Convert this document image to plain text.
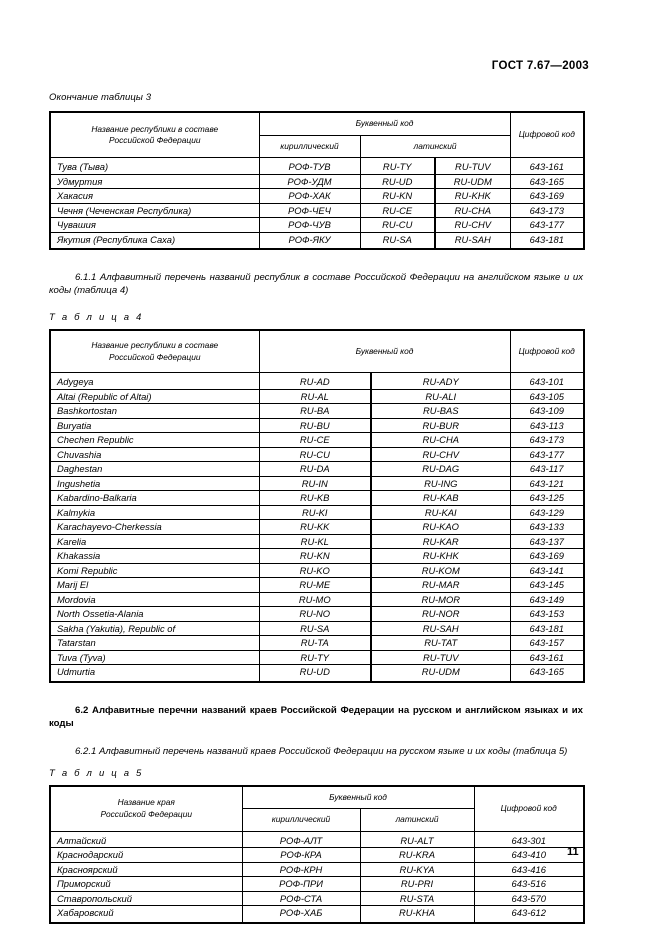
ГОСТ 7.67—2003
Окончание таблицы 3
Название республики в составе
Российской Федерации	Буквенный код			Цифровой код
	кириллический	латинский		
Тува (Тыва)	РОФ-ТУВ	RU-TY	RU-TUV	643-161
Удмуртия	РОФ-УДМ	RU-UD	RU-UDM	643-165
Хакасия	РОФ-ХАК	RU-KN	RU-KHK	643-169
Чечня (Чеченская Республика)	РОФ-ЧЕЧ	RU-CE	RU-CHA	643-173
Чувашия	РОФ-ЧУВ	RU-CU	RU-CHV	643-177
Якутия (Республика Саха)	РОФ-ЯКУ	RU-SA	RU-SAH	643-181

6.1.1 Алфавитный перечень названий республик в составе Российской Федерации на английском языке и их коды (таблица 4)

Т а б л и ц а 4
Название республики в составе
Российской Федерации	Буквенный код		Цифровой код
Adygeya	RU-AD	RU-ADY	643-101
Altai (Republic of Altai)	RU-AL	RU-ALI	643-105
Bashkortostan	RU-BA	RU-BAS	643-109
Buryatia	RU-BU	RU-BUR	643-113
Chechen Republic	RU-CE	RU-CHA	643-173
Chuvashia	RU-CU	RU-CHV	643-177
Daghestan	RU-DA	RU-DAG	643-117
Ingushetia	RU-IN	RU-ING	643-121
Kabardino-Balkaria	RU-KB	RU-KAB	643-125
Kalmykia	RU-KI	RU-KAI	643-129
Karachayevo-Cherkessia	RU-KK	RU-KAO	643-133
Karelia	RU-KL	RU-KAR	643-137
Khakassia	RU-KN	RU-KHK	643-169
Komi Republic	RU-KO	RU-KOM	643-141
Marij El	RU-ME	RU-MAR	643-145
Mordovia	RU-MO	RU-MOR	643-149
North Ossetia-Alania	RU-NO	RU-NOR	643-153
Sakha (Yakutia), Republic of	RU-SA	RU-SAH	643-181
Tatarstan	RU-TA	RU-TAT	643-157
Tuva (Tyva)	RU-TY	RU-TUV	643-161
Udmurtia	RU-UD	RU-UDM	643-165

6.2 Алфавитные перечни названий краев Российской Федерации на русском и английском языках и их коды

6.2.1 Алфавитный перечень названий краев Российской Федерации на русском языке и их коды (таблица 5)

Т а б л и ц а 5
Название края
Российской Федерации	Буквенный код		Цифровой код
	кириллический	латинский	
Алтайский	РОФ-АЛТ	RU-ALT	643-301
Краснодарский	РОФ-КРА	RU-KRA	643-410
Красноярский	РОФ-КРН	RU-KYA	643-416
Приморский	РОФ-ПРИ	RU-PRI	643-516
Ставропольский	РОФ-СТА	RU-STA	643-570
Хабаровский	РОФ-ХАБ	RU-KHA	643-612
11
